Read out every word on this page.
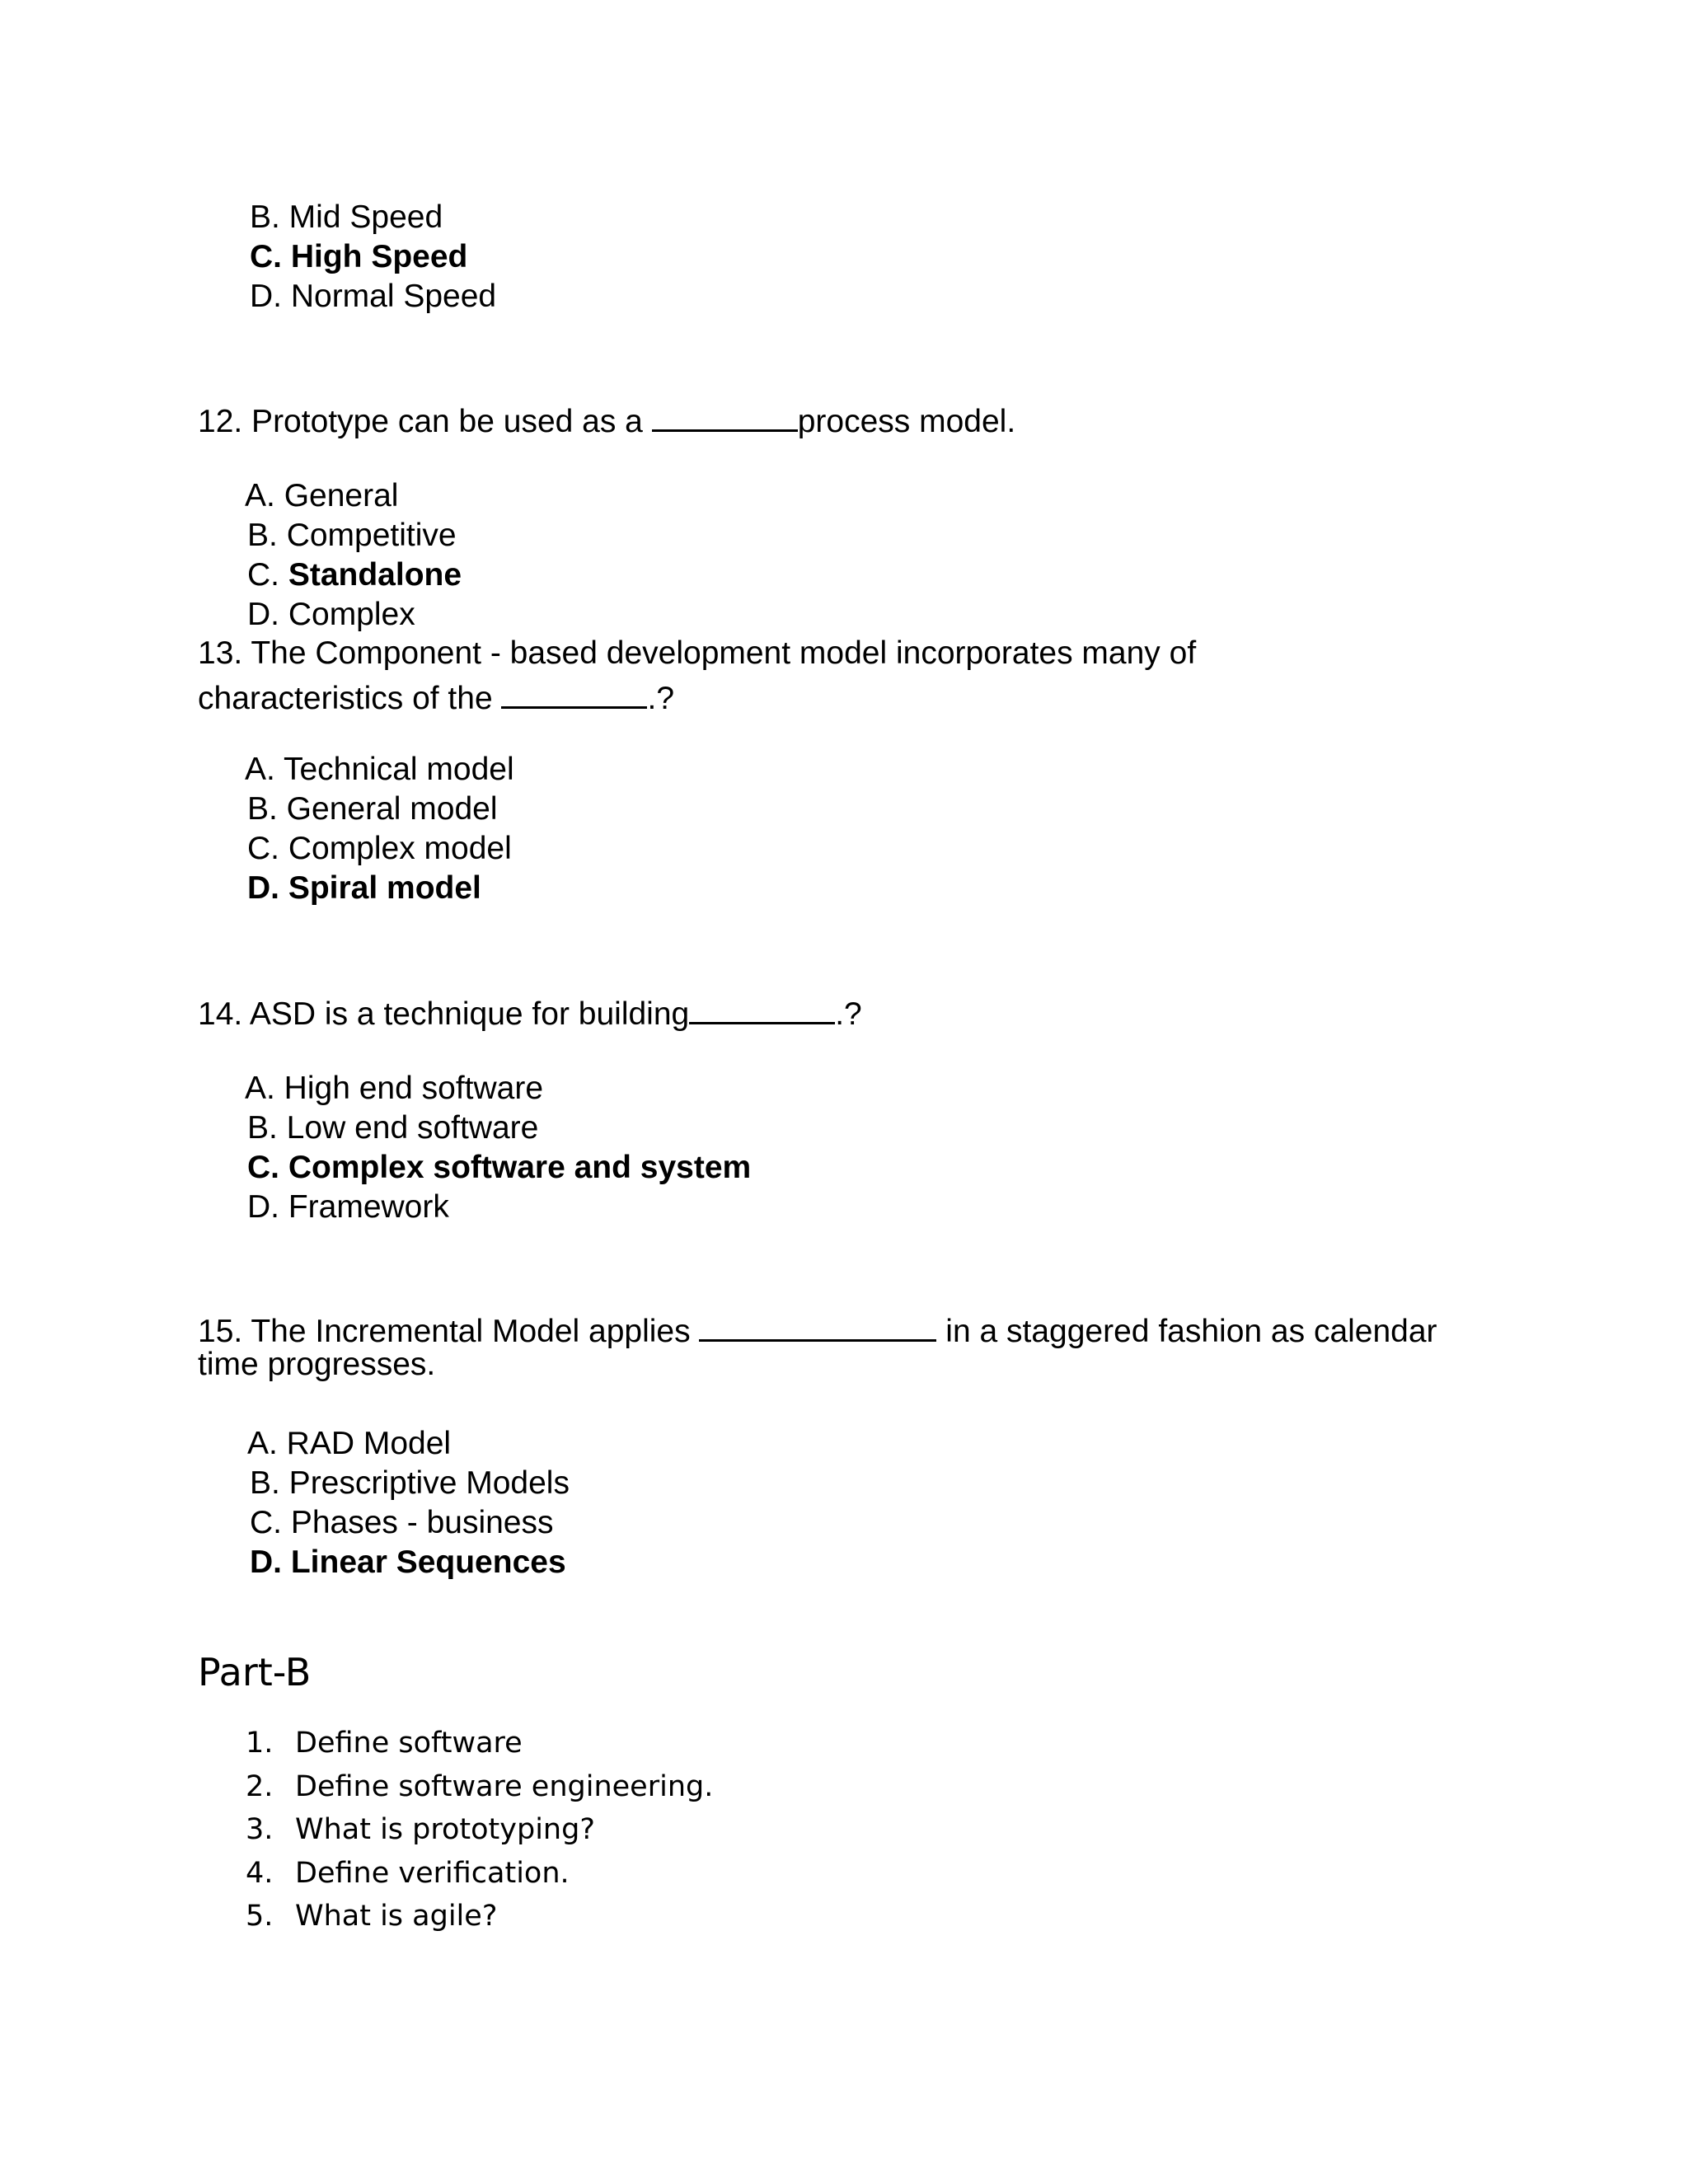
B. Mid Speed
C. High Speed
D. Normal Speed
12. Prototype can be used as a	process model.
A. General
B. Competitive
C. Standalone
D. Complex
13. The Component - based development model incorporates many of
characteristics of the	.?
A. Technical model
B. General model
C. Complex model
D. Spiral model
14. ASD is a technique for building	.?
A. High end software
B. Low end software
C. Complex software and system
D. Framework
15. The Incremental Model applies	in a staggered fashion as calendar
time progresses.
A. RAD Model
B. Prescriptive Models
C. Phases - business
D. Linear Sequences
Part-B
1. Define software
2. Define software engineering.
3. What is prototyping?
4. Define verification.
5. What is agile?
